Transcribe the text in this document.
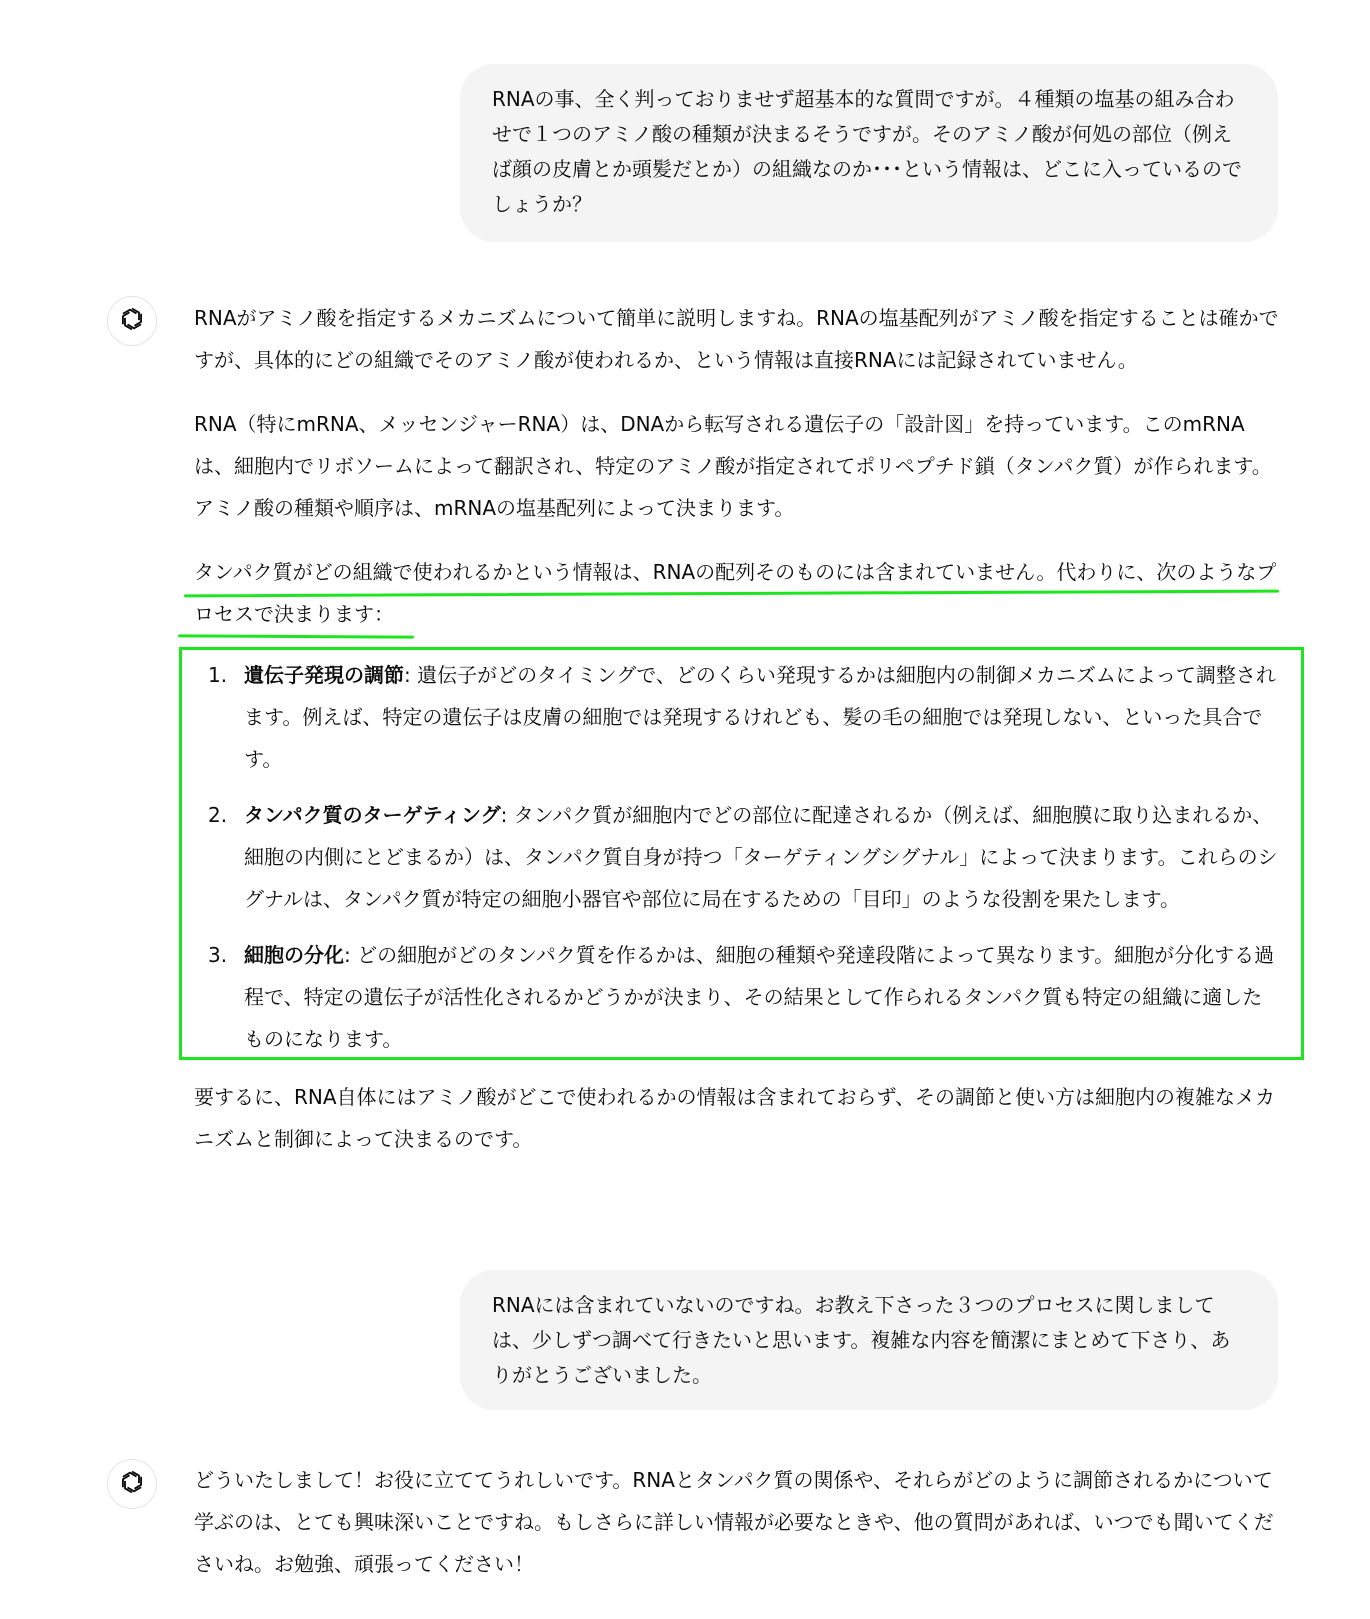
RNAの事、全く判っておりませず超基本的な質問ですが。４種類の塩基の組み合わせで１つのアミノ酸の種類が決まるそうですが。そのアミノ酸が何処の部位（例えば顔の皮膚とか頭髪だとか）の組織なのか･･･という情報は、どこに入っているのでしょうか？

RNAがアミノ酸を指定するメカニズムについて簡単に説明しますね。RNAの塩基配列がアミノ酸を指定することは確かですが、具体的にどの組織でそのアミノ酸が使われるか、という情報は直接RNAには記録されていません。

RNA（特にmRNA、メッセンジャーRNA）は、DNAから転写される遺伝子の「設計図」を持っています。このmRNAは、細胞内でリボソームによって翻訳され、特定のアミノ酸が指定されてポリペプチド鎖（タンパク質）が作られます。アミノ酸の種類や順序は、mRNAの塩基配列によって決まります。

タンパク質がどの組織で使われるかという情報は、RNAの配列そのものには含まれていません。代わりに、次のようなプロセスで決まります：

1. 遺伝子発現の調節: 遺伝子がどのタイミングで、どのくらい発現するかは細胞内の制御メカニズムによって調整されます。例えば、特定の遺伝子は皮膚の細胞では発現するけれども、髪の毛の細胞では発現しない、といった具合です。
2. タンパク質のターゲティング: タンパク質が細胞内でどの部位に配達されるか（例えば、細胞膜に取り込まれるか、細胞の内側にとどまるか）は、タンパク質自身が持つ「ターゲティングシグナル」によって決まります。これらのシグナルは、タンパク質が特定の細胞小器官や部位に局在するための「目印」のような役割を果たします。
3. 細胞の分化: どの細胞がどのタンパク質を作るかは、細胞の種類や発達段階によって異なります。細胞が分化する過程で、特定の遺伝子が活性化されるかどうかが決まり、その結果として作られるタンパク質も特定の組織に適したものになります。

要するに、RNA自体にはアミノ酸がどこで使われるかの情報は含まれておらず、その調節と使い方は細胞内の複雑なメカニズムと制御によって決まるのです。

RNAには含まれていないのですね。お教え下さった３つのプロセスに関しましては、少しずつ調べて行きたいと思います。複雑な内容を簡潔にまとめて下さり、ありがとうございました。

どういたしまして！お役に立ててうれしいです。RNAとタンパク質の関係や、それらがどのように調節されるかについて学ぶのは、とても興味深いことですね。もしさらに詳しい情報が必要なときや、他の質問があれば、いつでも聞いてくださいね。お勉強、頑張ってください！
